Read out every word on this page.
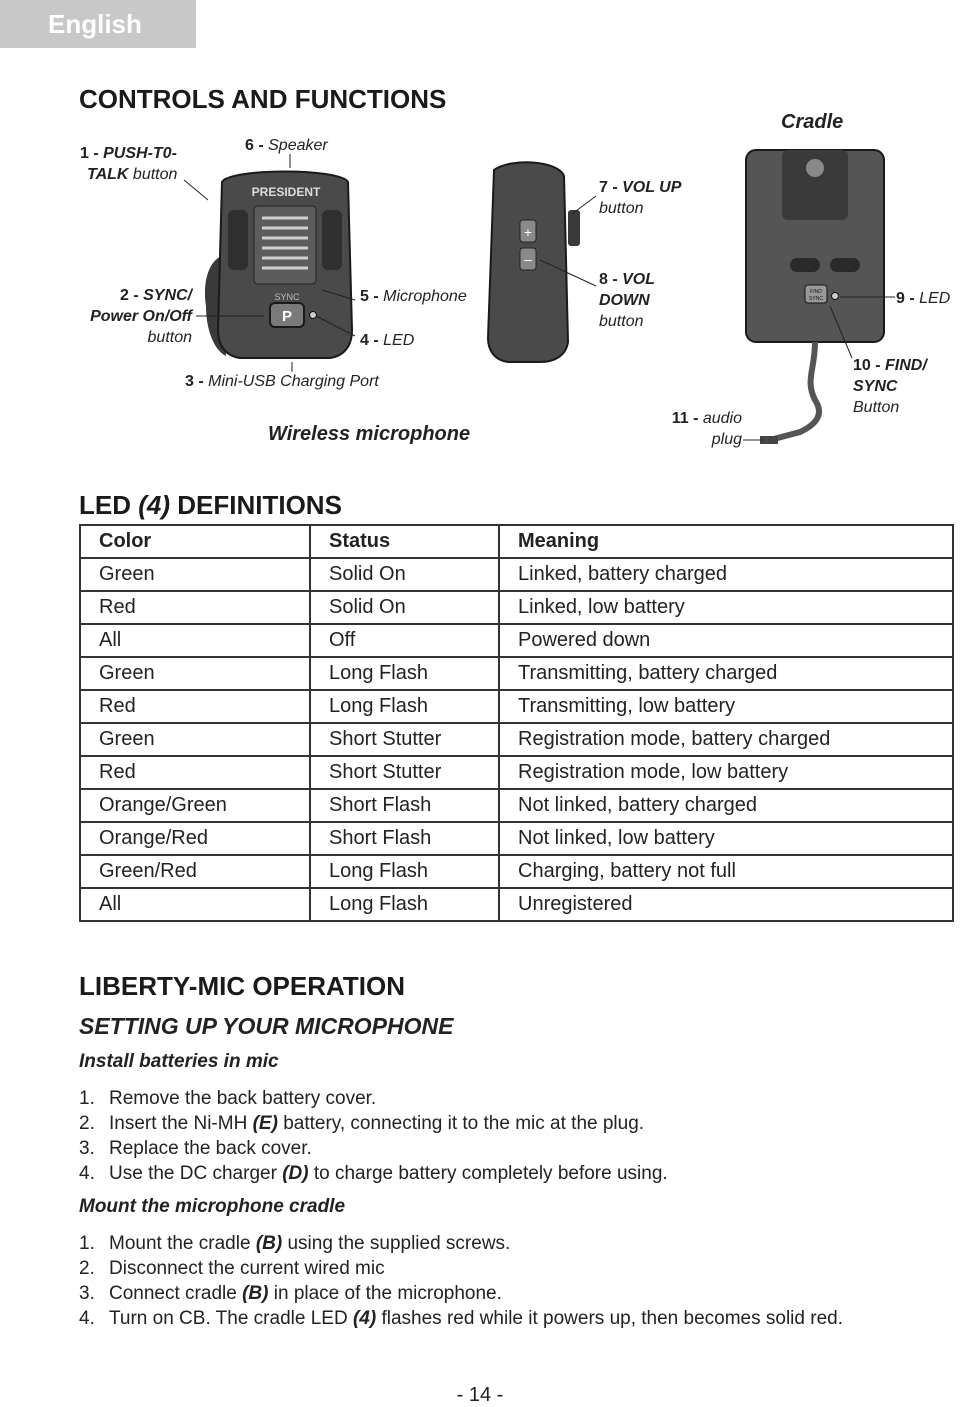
English
CONTROLS AND FUNCTIONS
PRESIDENT
SYNC
P
+
–
FIND
SYNC
1 - PUSH-T0-
TALK button
6 - Speaker
2 - SYNC/
Power On/Off
button
5 - Microphone
4 - LED
3 - Mini-USB Charging Port
7 - VOL UP
button
8 - VOL
DOWN
button
Cradle
9 - LED
10 - FIND/
SYNC
Button
11 - audio
plug
Wireless microphone
LED (4) DEFINITIONS
Color	Status	Meaning
Green	Solid On	Linked, battery charged
Red	Solid On	Linked, low battery
All	Off	Powered down
Green	Long Flash	Transmitting, battery charged
Red	Long Flash	Transmitting, low battery
Green	Short Stutter	Registration mode, battery charged
Red	Short Stutter	Registration mode, low battery
Orange/Green	Short Flash	Not linked, battery charged
Orange/Red	Short Flash	Not linked, low battery
Green/Red	Long Flash	Charging, battery not full
All	Long Flash	Unregistered
LIBERTY-MIC OPERATION
SETTING UP YOUR MICROPHONE
Install batteries in mic
1. Remove the back battery cover.
2. Insert the Ni-MH (E) battery, connecting it to the mic at the plug.
3. Replace the back cover.
4. Use the DC charger (D) to charge battery completely before using.
Mount the microphone cradle
1. Mount the cradle (B) using the supplied screws.
2. Disconnect the current wired mic
3. Connect cradle (B) in place of the microphone.
4. Turn on CB. The cradle LED (4) flashes red while it powers up, then becomes solid red.
- 14 -
